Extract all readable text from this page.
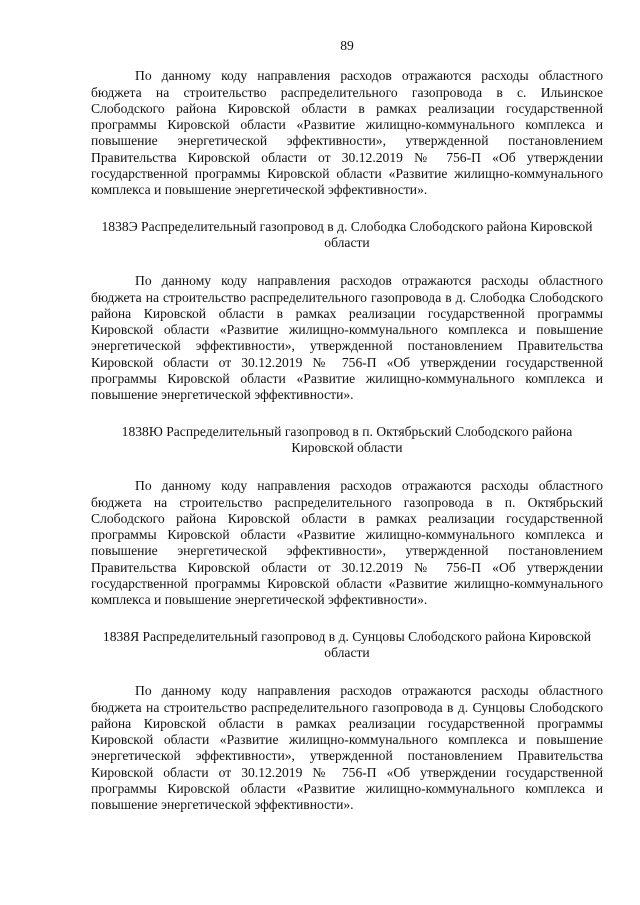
89

По данному коду направления расходов отражаются расходы областного бюджета на строительство распределительного газопровода в с. Ильинское Слободского района Кировской области в рамках реализации государственной программы Кировской области «Развитие жилищно-коммунального комплекса и повышение энергетической эффективности», утвержденной постановлением Правительства Кировской области от 30.12.2019 № 756-П «Об утверждении государственной программы Кировской области «Развитие жилищно-коммунального комплекса и повышение энергетической эффективности».

1838Э Распределительный газопровод в д. Слободка Слободского района Кировской области

По данному коду направления расходов отражаются расходы областного бюджета на строительство распределительного газопровода в д. Слободка Слободского района Кировской области в рамках реализации государственной программы Кировской области «Развитие жилищно-коммунального комплекса и повышение энергетической эффективности», утвержденной постановлением Правительства Кировской области от 30.12.2019 № 756-П «Об утверждении государственной программы Кировской области «Развитие жилищно-коммунального комплекса и повышение энергетической эффективности».

1838Ю Распределительный газопровод в п. Октябрьский Слободского района Кировской области

По данному коду направления расходов отражаются расходы областного бюджета на строительство распределительного газопровода в п. Октябрьский Слободского района Кировской области в рамках реализации государственной программы Кировской области «Развитие жилищно-коммунального комплекса и повышение энергетической эффективности», утвержденной постановлением Правительства Кировской области от 30.12.2019 № 756-П «Об утверждении государственной программы Кировской области «Развитие жилищно-коммунального комплекса и повышение энергетической эффективности».

1838Я Распределительный газопровод в д. Сунцовы Слободского района Кировской области

По данному коду направления расходов отражаются расходы областного бюджета на строительство распределительного газопровода в д. Сунцовы Слободского района Кировской области в рамках реализации государственной программы Кировской области «Развитие жилищно-коммунального комплекса и повышение энергетической эффективности», утвержденной постановлением Правительства Кировской области от 30.12.2019 № 756-П «Об утверждении государственной программы Кировской области «Развитие жилищно-коммунального комплекса и повышение энергетической эффективности».
